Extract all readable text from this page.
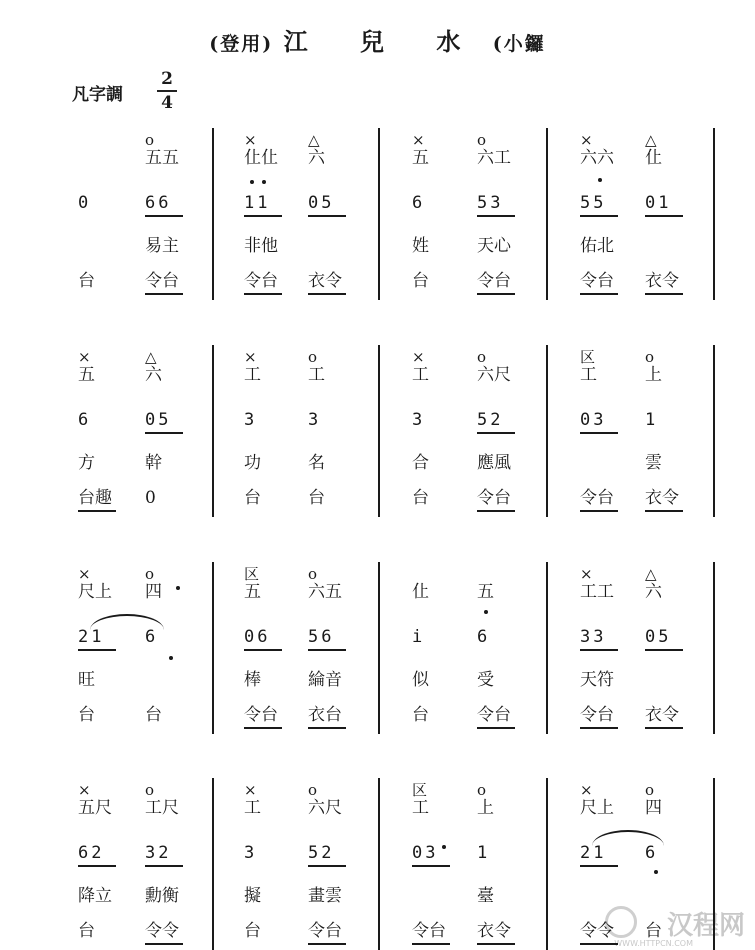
(登用) 江 兒 水 (小鑼
凡字調
2
4
汉程网
WWW.HTTPCN.COM
0
台
o
五五
66
易主
令台
×
仩仩
11
非他
令台
△
六
05
衣令
×
五
6
姓
台
o
六工
53
天心
令台
×
六六
55
佑北
令台
△
仩
01
衣令
×
五
6
方
台趣
△
六
05
幹
0
×
工
3
功
台
o
工
3
名
台
×
工
3
合
台
o
六尺
52
應風
令台
区
工
03
令台
o
上
1
雲
衣令
×
尺上
21
旺
台
o
四
6
台
区
五
06
棒
令台
o
六五
56
綸音
衣台
仩
i
似
台
五
6
受
令台
×
工工
33
天符
令台
△
六
05
衣令
×
五尺
62
降立
台
o
工尺
32
勳衡
令令
×
工
3
擬
台
o
六尺
52
畫雲
令台
区
工
03
令台
o
上
1
臺
衣令
×
尺上
21
令令
o
四
6
台
